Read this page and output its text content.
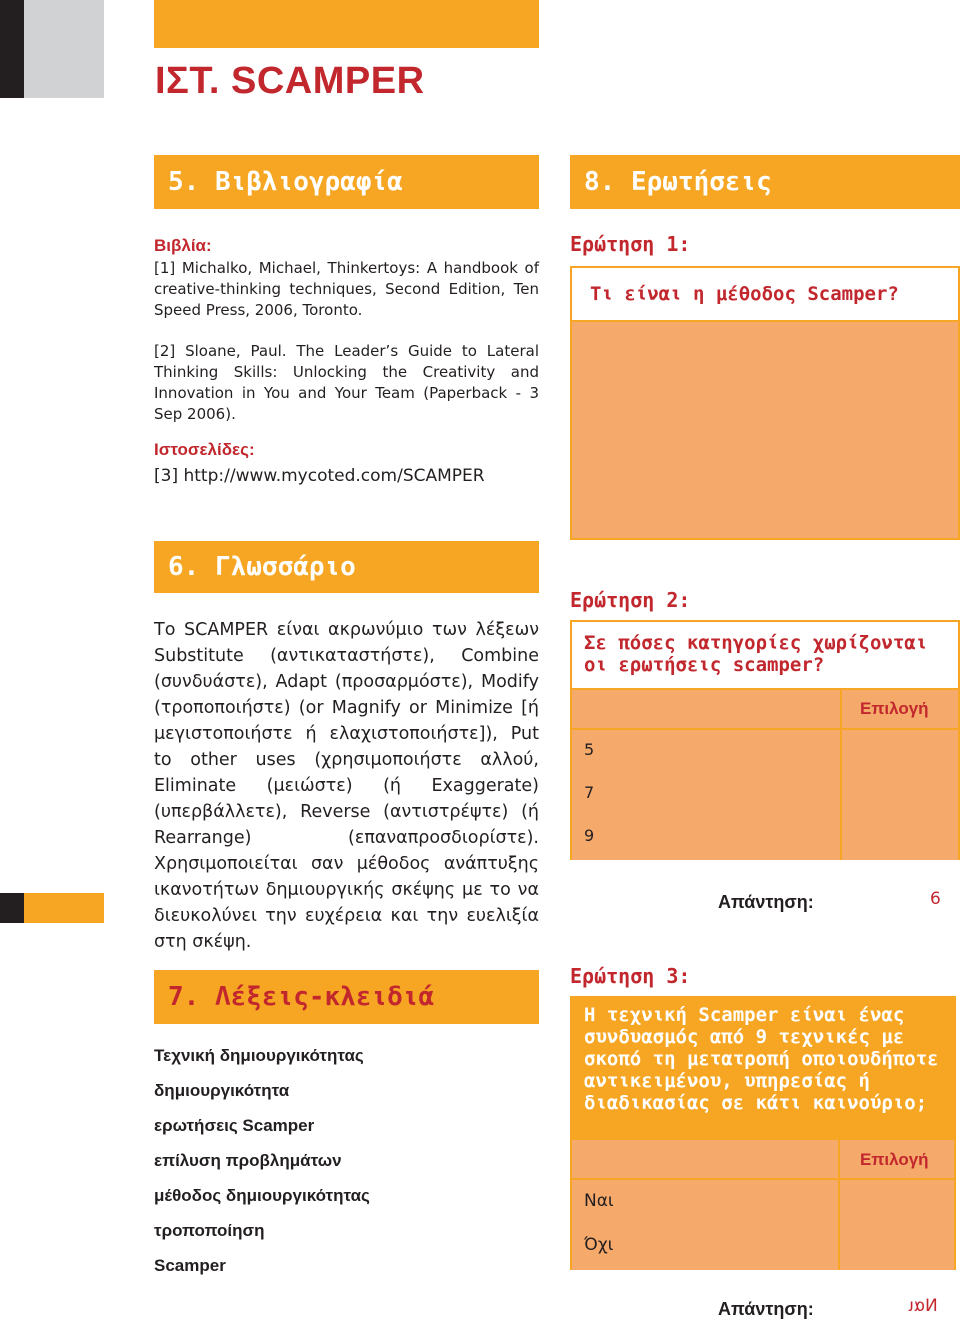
ΙΣΤ. SCAMPER
5. Βιβλιογραφία
Βιβλία:
[1] Michalko, Michael, Thinkertoys: A handbook of creative-thinking techniques, Second Edition, Ten Speed Press, 2006, Toronto.
[2] Sloane, Paul. The Leader’s Guide to Lateral Thinking Skills: Unlocking the Creativity and Innovation in You and Your Team (Paperback - 3 Sep 2006).
Ιστοσελίδες:
[3] http://www.mycoted.com/SCAMPER
6. Γλωσσάριο
Το SCAMPER είναι ακρωνύμιο των λέξεων Substitute (αντικαταστήστε), Combine (συνδυάστε), Adapt (προσαρμόστε), Modify (τροποποιήστε) (or Magnify or Minimize [ή μεγιστοποιήστε ή ελαχιστοποιήστε]), Put to other uses (χρησιμοποιήστε αλλού, Eliminate (μειώστε) (ή Exaggerate) (υπερβάλλετε), Reverse (αντιστρέψτε) (ή Rearrange) (επαναπροσδιορίστε). Χρησιμοποιείται σαν μέθοδος ανάπτυξης ικανοτήτων δημιουργικής σκέψης με το να διευκολύνει την ευχέρεια και την ευελιξία στη σκέψη.
7. Λέξεις-κλειδιά
Τεχνική δημιουργικότητας
δημιουργικότητα
ερωτήσεις Scamper
επίλυση προβλημάτων
μέθοδος δημιουργικότητας
τροποποίηση
Scamper
8. Ερωτήσεις
Ερώτηση 1:
Τι είναι η μέθοδος Scamper?
Ερώτηση 2:
Σε πόσες κατηγορίες χωρίζονται οι ερωτήσεις scamper?
Επιλογή
5
7
9
Απάντηση:	6
Ερώτηση 3:
Η τεχνική Scamper είναι ένας συνδυασμός από 9 τεχνικές με σκοπό τη μετατροπή οποιουδήποτε αντικειμένου, υπηρεσίας ή διαδικασίας σε κάτι καινούριο;
Επιλογή
Ναι
Όχι
Απάντηση:	Ναι
